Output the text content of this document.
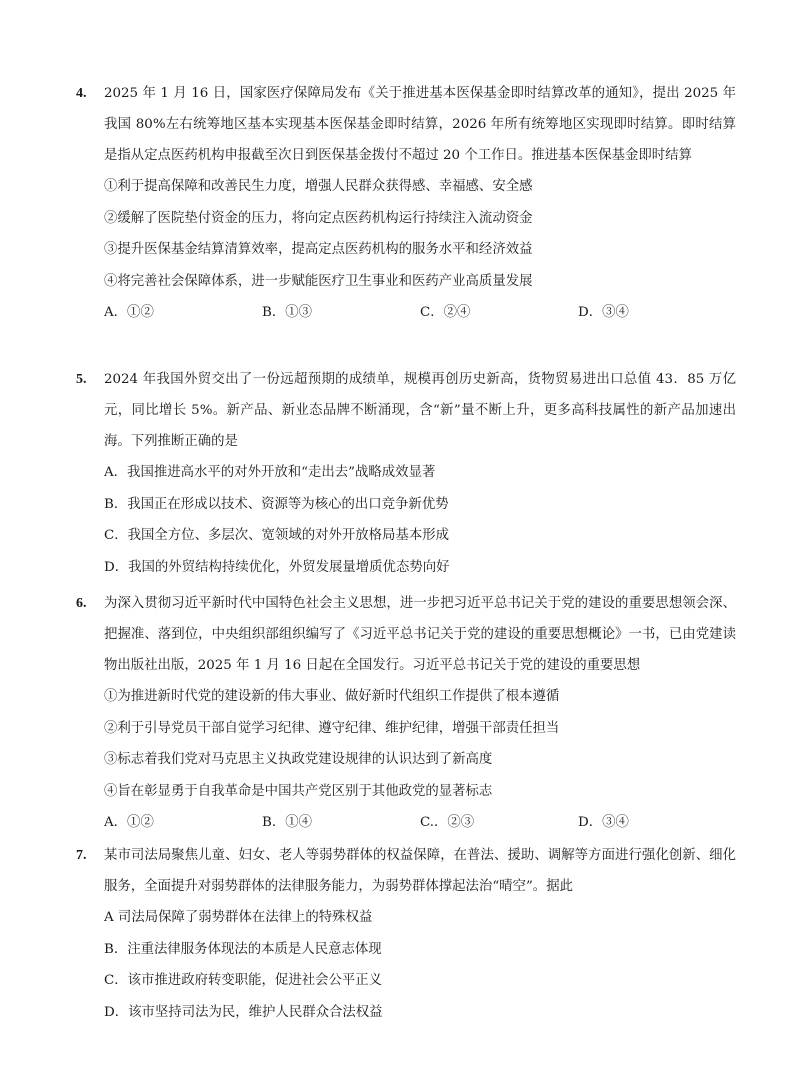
4. 2025 年 1 月 16 日，国家医疗保障局发布《关于推进基本医保基金即时结算改革的通知》，提出 2025 年我国 80%左右统筹地区基本实现基本医保基金即时结算，2026 年所有统筹地区实现即时结算。即时结算是指从定点医药机构申报截至次日到医保基金拨付不超过 20 个工作日。推进基本医保基金即时结算
①利于提高保障和改善民生力度，增强人民群众获得感、幸福感、安全感
②缓解了医院垫付资金的压力，将向定点医药机构运行持续注入流动资金
③提升医保基金结算清算效率，提高定点医药机构的服务水平和经济效益
④将完善社会保障体系，进一步赋能医疗卫生事业和医药产业高质量发展
A．①②	B．①③	C．②④	D．③④
5. 2024 年我国外贸交出了一份远超预期的成绩单，规模再创历史新高，货物贸易进出口总值 43．85 万亿元，同比增长 5%。新产品、新业态品牌不断涌现，含“新”量不断上升，更多高科技属性的新产品加速出海。下列推断正确的是
A．我国推进高水平的对外开放和“走出去”战略成效显著
B．我国正在形成以技术、资源等为核心的出口竞争新优势
C．我国全方位、多层次、宽领域的对外开放格局基本形成
D．我国的外贸结构持续优化，外贸发展量增质优态势向好
6. 为深入贯彻习近平新时代中国特色社会主义思想，进一步把习近平总书记关于党的建设的重要思想领会深、把握准、落到位，中央组织部组织编写了《习近平总书记关于党的建设的重要思想概论》一书，已由党建读物出版社出版，2025 年 1 月 16 日起在全国发行。习近平总书记关于党的建设的重要思想
①为推进新时代党的建设新的伟大事业、做好新时代组织工作提供了根本遵循
②利于引导党员干部自觉学习纪律、遵守纪律、维护纪律，增强干部责任担当
③标志着我们党对马克思主义执政党建设规律的认识达到了新高度
④旨在彰显勇于自我革命是中国共产党区别于其他政党的显著标志
A．①②	B．①④	C.．②③	D．③④
7. 某市司法局聚焦儿童、妇女、老人等弱势群体的权益保障，在普法、援助、调解等方面进行强化创新、细化服务，全面提升对弱势群体的法律服务能力，为弱势群体撑起法治“晴空”。据此
A 司法局保障了弱势群体在法律上的特殊权益
B．注重法律服务体现法的本质是人民意志体现
C．该市推进政府转变职能，促进社会公平正义
D．该市坚持司法为民，维护人民群众合法权益
